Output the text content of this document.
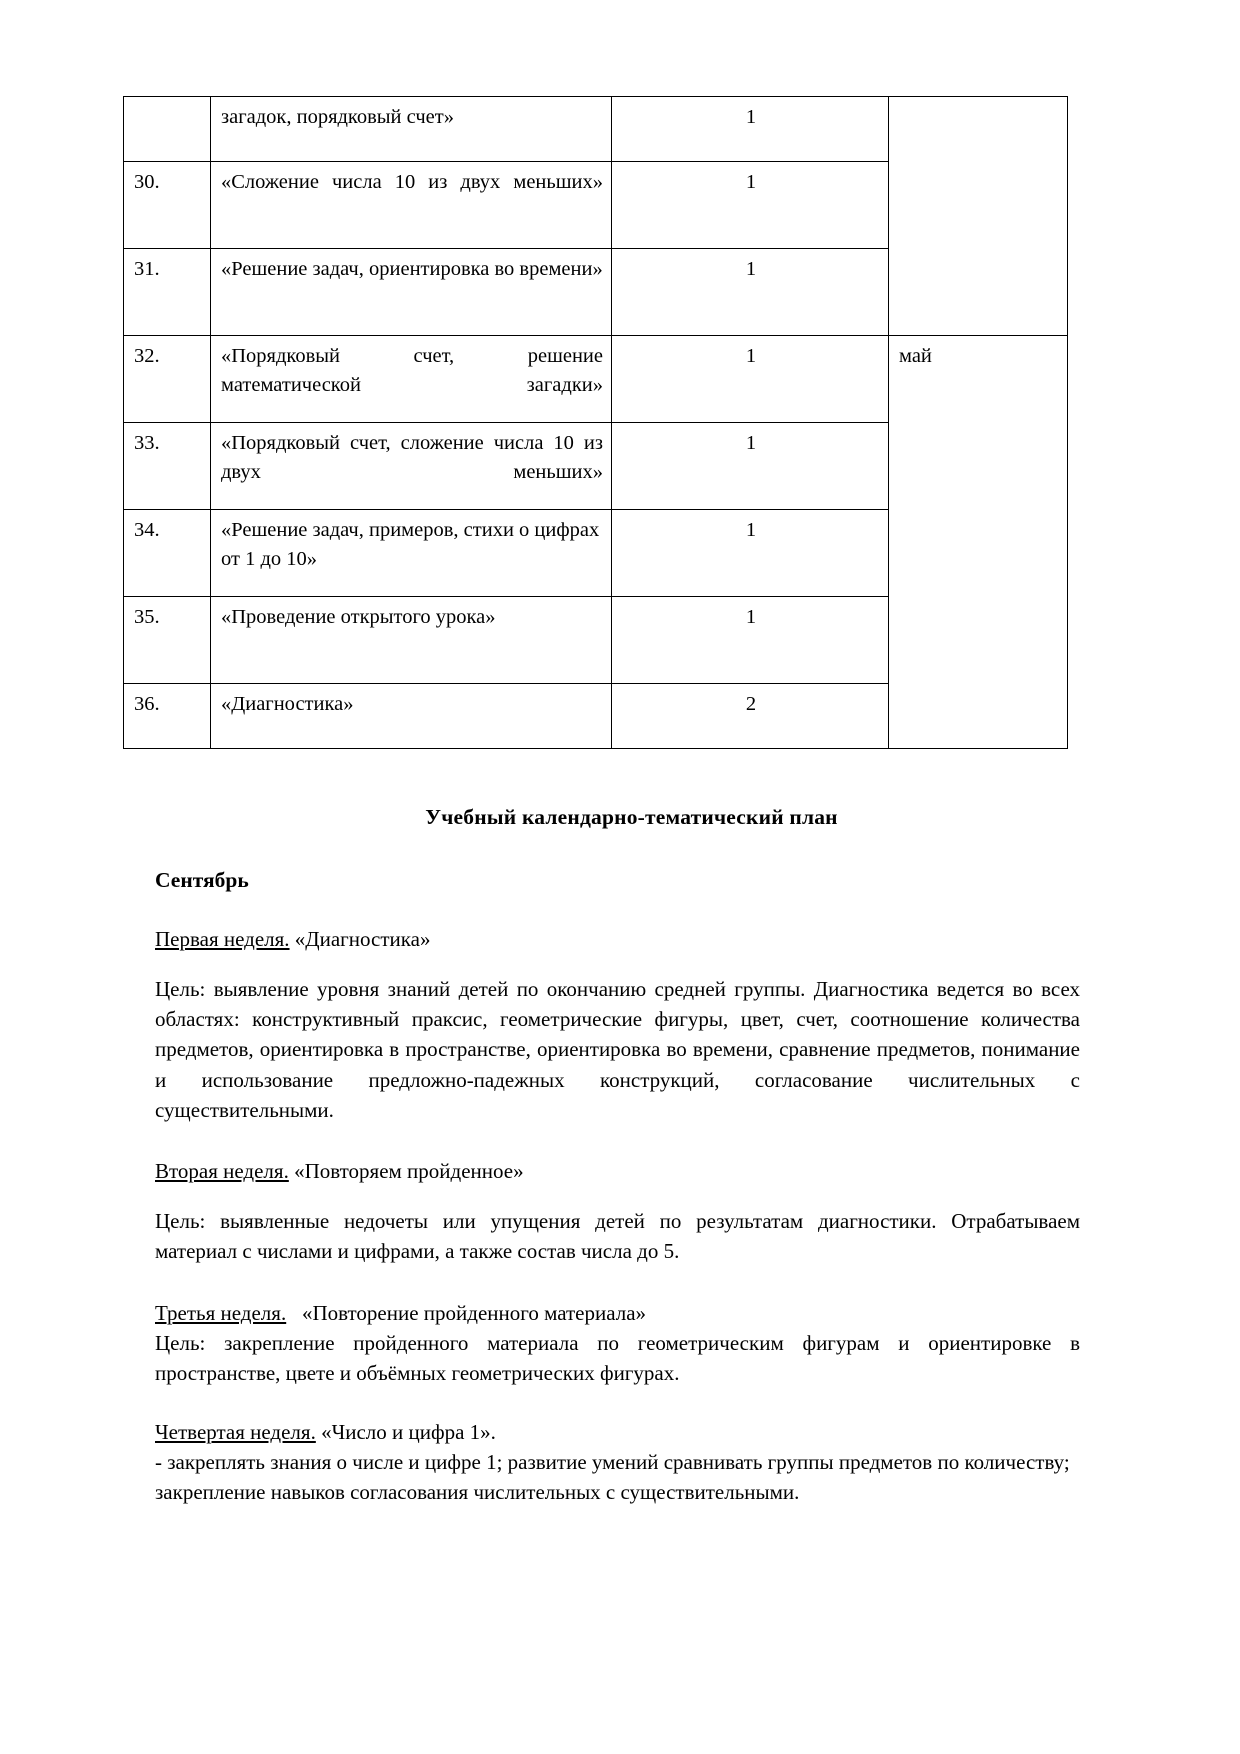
	загадок, порядковый счет»	1	
30.	«Сложение числа 10 из двух меньших»	1	
31.	«Решение задач, ориентировка во времени»	1	
32.	«Порядковый счет, решение математической загадки»	1	май
33.	«Порядковый счет, сложение числа 10 из двух меньших»	1	
34.	«Решение задач, примеров, стихи о цифрах от 1 до 10»	1	
35.	«Проведение открытого урока»	1	
36.	«Диагностика»	2	
Учебный календарно-тематический план
Сентябрь
Первая неделя. «Диагностика»
Цель: выявление уровня знаний детей по окончанию средней группы. Диагностика ведется во всех областях: конструктивный праксис, геометрические фигуры, цвет, счет, соотношение количества предметов, ориентировка в пространстве, ориентировка во времени, сравнение предметов, понимание и использование предложно-падежных конструкций, согласование числительных с существительными.
Вторая неделя. «Повторяем пройденное»
Цель: выявленные недочеты или упущения детей по результатам диагностики. Отрабатываем материал с числами и цифрами, а также состав числа до 5.
Третья неделя. «Повторение пройденного материала»
Цель: закрепление пройденного материала по геометрическим фигурам и ориентировке в пространстве, цвете и объёмных геометрических фигурах.
Четвертая неделя. «Число и цифра 1».
- закреплять знания о числе и цифре 1; развитие умений сравнивать группы предметов по количеству; закрепление навыков согласования числительных с существительными.
